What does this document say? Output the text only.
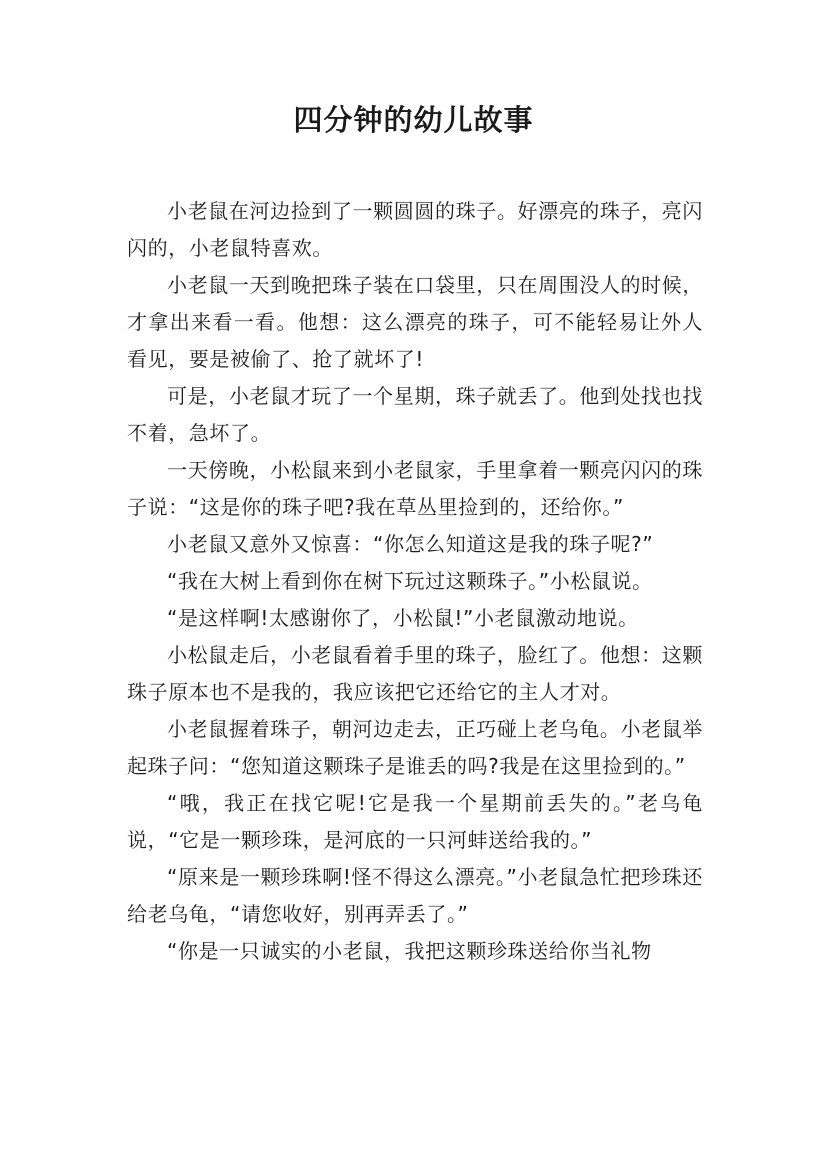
四分钟的幼儿故事

小老鼠在河边捡到了一颗圆圆的珠子。好漂亮的珠子，亮闪闪的，小老鼠特喜欢。

小老鼠一天到晚把珠子装在口袋里，只在周围没人的时候，才拿出来看一看。他想：这么漂亮的珠子，可不能轻易让外人看见，要是被偷了、抢了就坏了!

可是，小老鼠才玩了一个星期，珠子就丢了。他到处找也找不着，急坏了。

一天傍晚，小松鼠来到小老鼠家，手里拿着一颗亮闪闪的珠子说：“这是你的珠子吧?我在草丛里捡到的，还给你。”

小老鼠又意外又惊喜：“你怎么知道这是我的珠子呢?”

“我在大树上看到你在树下玩过这颗珠子。”小松鼠说。

“是这样啊!太感谢你了，小松鼠!”小老鼠激动地说。

小松鼠走后，小老鼠看着手里的珠子，脸红了。他想：这颗珠子原本也不是我的，我应该把它还给它的主人才对。

小老鼠握着珠子，朝河边走去，正巧碰上老乌龟。小老鼠举起珠子问：“您知道这颗珠子是谁丢的吗?我是在这里捡到的。”

“哦，我正在找它呢!它是我一个星期前丢失的。”老乌龟说，“它是一颗珍珠，是河底的一只河蚌送给我的。”

“原来是一颗珍珠啊!怪不得这么漂亮。”小老鼠急忙把珍珠还给老乌龟，“请您收好，别再弄丢了。”

“你是一只诚实的小老鼠，我把这颗珍珠送给你当礼物
